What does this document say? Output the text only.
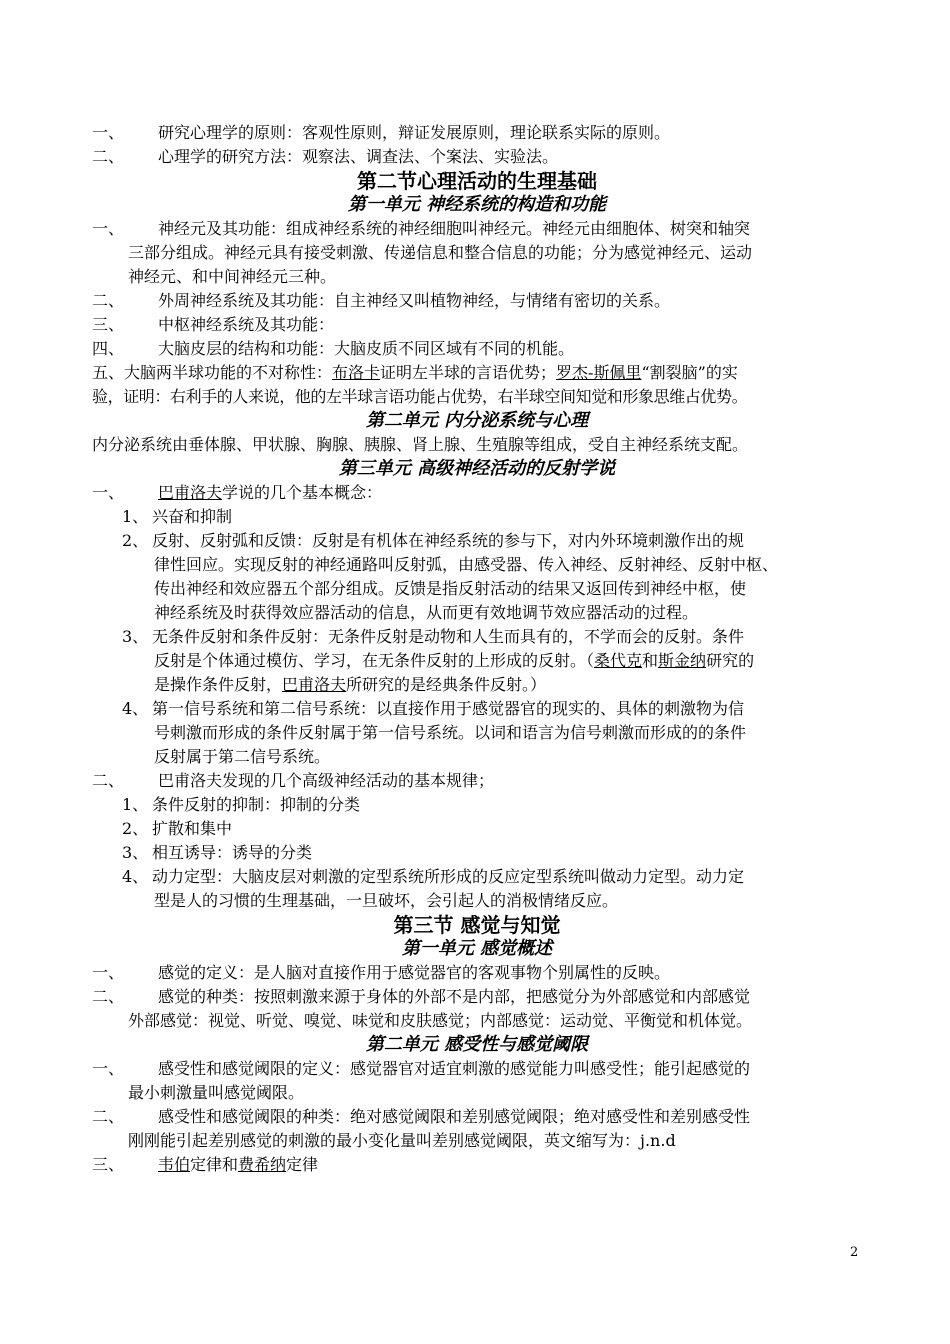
一、	研究心理学的原则：客观性原则，辩证发展原则，理论联系实际的原则。
二、	心理学的研究方法：观察法、调查法、个案法、实验法。
第二节心理活动的生理基础
第一单元 神经系统的构造和功能
一、	神经元及其功能：组成神经系统的神经细胞叫神经元。神经元由细胞体、树突和轴突
三部分组成。神经元具有接受刺激、传递信息和整合信息的功能；分为感觉神经元、运动
神经元、和中间神经元三种。
二、	外周神经系统及其功能：自主神经又叫植物神经，与情绪有密切的关系。
三、	中枢神经系统及其功能：
四、	大脑皮层的结构和功能：大脑皮质不同区域有不同的机能。
五、大脑两半球功能的不对称性：布洛卡证明左半球的言语优势；罗杰-斯佩里“割裂脑”的实
验，证明：右利手的人来说，他的左半球言语功能占优势，右半球空间知觉和形象思维占优势。
第二单元 内分泌系统与心理
内分泌系统由垂体腺、甲状腺、胸腺、胰腺、肾上腺、生殖腺等组成，受自主神经系统支配。
第三单元 高级神经活动的反射学说
一、	巴甫洛夫学说的几个基本概念：
1、 兴奋和抑制
2、 反射、反射弧和反馈：反射是有机体在神经系统的参与下，对内外环境刺激作出的规
律性回应。实现反射的神经通路叫反射弧，由感受器、传入神经、反射神经、反射中枢、
传出神经和效应器五个部分组成。反馈是指反射活动的结果又返回传到神经中枢，使
神经系统及时获得效应器活动的信息，从而更有效地调节效应器活动的过程。
3、 无条件反射和条件反射：无条件反射是动物和人生而具有的，不学而会的反射。条件
反射是个体通过模仿、学习，在无条件反射的上形成的反射。（桑代克和斯金纳研究的
是操作条件反射，巴甫洛夫所研究的是经典条件反射。）
4、 第一信号系统和第二信号系统：以直接作用于感觉器官的现实的、具体的刺激物为信
号刺激而形成的条件反射属于第一信号系统。以词和语言为信号刺激而形成的的条件
反射属于第二信号系统。
二、	巴甫洛夫发现的几个高级神经活动的基本规律；
1、 条件反射的抑制：抑制的分类
2、 扩散和集中
3、 相互诱导：诱导的分类
4、 动力定型：大脑皮层对刺激的定型系统所形成的反应定型系统叫做动力定型。动力定
型是人的习惯的生理基础，一旦破坏，会引起人的消极情绪反应。
第三节 感觉与知觉
第一单元 感觉概述
一、	感觉的定义：是人脑对直接作用于感觉器官的客观事物个别属性的反映。
二、	感觉的种类：按照刺激来源于身体的外部不是内部，把感觉分为外部感觉和内部感觉
外部感觉：视觉、听觉、嗅觉、味觉和皮肤感觉；内部感觉：运动觉、平衡觉和机体觉。
第二单元 感受性与感觉阈限
一、	感受性和感觉阈限的定义：感觉器官对适宜刺激的感觉能力叫感受性；能引起感觉的
最小刺激量叫感觉阈限。
二、	感受性和感觉阈限的种类：绝对感觉阈限和差别感觉阈限；绝对感受性和差别感受性
刚刚能引起差别感觉的刺激的最小变化量叫差别感觉阈限，英文缩写为：j.n.d
三、	韦伯定律和费希纳定律
2
